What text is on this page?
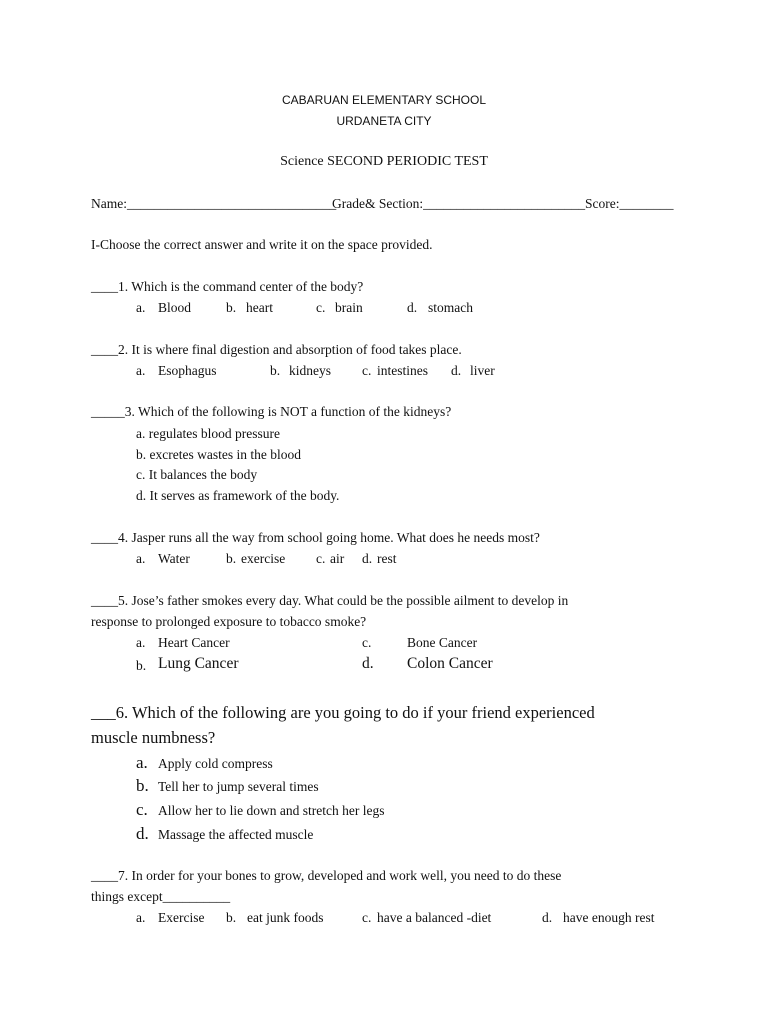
CABARUAN ELEMENTARY SCHOOL
URDANETA CITY
Science SECOND PERIODIC TEST
Name:_______________________________
Grade& Section:________________________ Score:________
I-Choose the correct answer and write it on the space provided.
____1. Which is the command center of the body?
a. Blood	b. heart	c. brain	d. stomach
____2. It is where final digestion and absorption of food takes place.
a. Esophagus	b. kidneys c. intestines d. liver
_____3. Which of the following is NOT a function of the kidneys?
a. regulates blood pressure
b. excretes wastes in the blood
c. It balances the body
d. It serves as framework of the body.
____4. Jasper runs all the way from school going home. What does he needs most?
a. Water	b. exercise c. air d. rest
____5. Jose’s father smokes every day. What could be the possible ailment to develop in
response to prolonged exposure to tobacco smoke?
a. Heart Cancer	c.	Bone Cancer
b. Lung Cancer	d. Colon Cancer
___6. Which of the following are you going to do if your friend experienced
muscle numbness?
a. Apply cold compress
b. Tell her to jump several times
c. Allow her to lie down and stretch her legs
d. Massage the affected muscle
____7. In order for your bones to grow, developed and work well, you need to do these
things except__________
a. Exercise b. eat junk foods	c. have a balanced -diet	d. have enough rest
